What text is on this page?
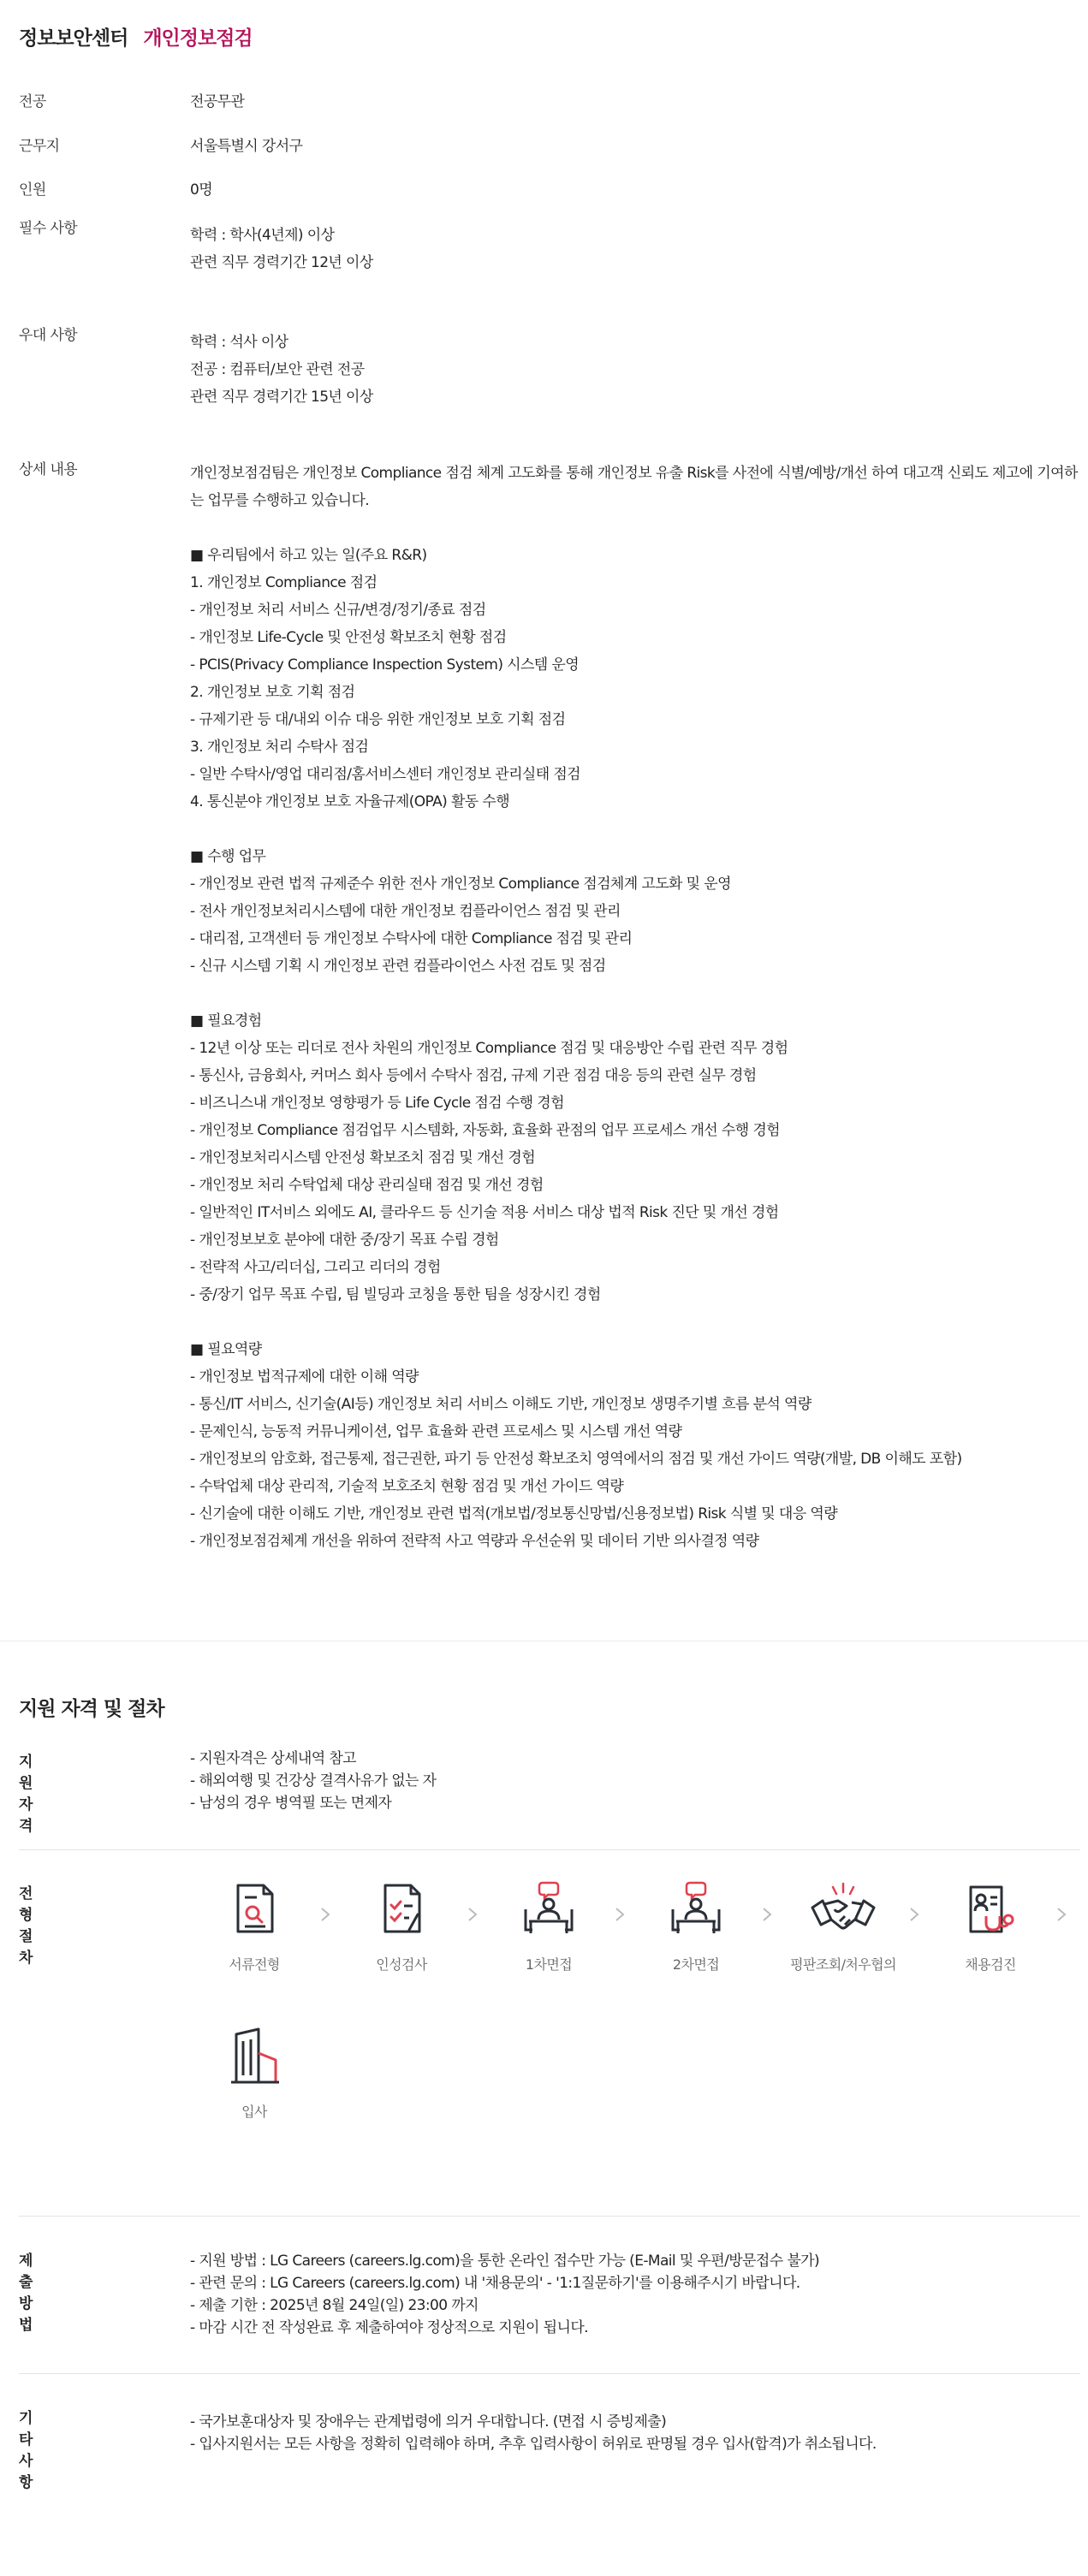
정보보안센터 개인정보점검
전공	전공무관
근무지	서울특별시 강서구
인원	0명
필수 사항	학력 : 학사(4년제) 이상
관련 직무 경력기간 12년 이상
우대 사항	학력 : 석사 이상
전공 : 컴퓨터/보안 관련 전공
관련 직무 경력기간 15년 이상
상세 내용	개인정보점검팀은 개인정보 Compliance 점검 체계 고도화를 통해 개인정보 유출 Risk를 사전에 식별/예방/개선 하여 대고객 신뢰도 제고에 기여하는 업무를 수행하고 있습니다.
■ 우리팀에서 하고 있는 일(주요 R&R)
1. 개인정보 Compliance 점검
- 개인정보 처리 서비스 신규/변경/정기/종료 점검
- 개인정보 Life-Cycle 및 안전성 확보조치 현황 점검
- PCIS(Privacy Compliance Inspection System) 시스템 운영
2. 개인정보 보호 기획 점검
- 규제기관 등 대/내외 이슈 대응 위한 개인정보 보호 기획 점검
3. 개인정보 처리 수탁사 점검
- 일반 수탁사/영업 대리점/홈서비스센터 개인정보 관리실태 점검
4. 통신분야 개인정보 보호 자율규제(OPA) 활동 수행
■ 수행 업무
- 개인정보 관련 법적 규제준수 위한 전사 개인정보 Compliance 점검체계 고도화 및 운영
- 전사 개인정보처리시스템에 대한 개인정보 컴플라이언스 점검 및 관리
- 대리점, 고객센터 등 개인정보 수탁사에 대한 Compliance 점검 및 관리
- 신규 시스템 기획 시 개인정보 관련 컴플라이언스 사전 검토 및 점검
■ 필요경험
- 12년 이상 또는 리더로 전사 차원의 개인정보 Compliance 점검 및 대응방안 수립 관련 직무 경험
- 통신사, 금융회사, 커머스 회사 등에서 수탁사 점검, 규제 기관 점검 대응 등의 관련 실무 경험
- 비즈니스내 개인정보 영향평가 등 Life Cycle 점검 수행 경험
- 개인정보 Compliance 점검업무 시스템화, 자동화, 효율화 관점의 업무 프로세스 개선 수행 경험
- 개인정보처리시스템 안전성 확보조치 점검 및 개선 경험
- 개인정보 처리 수탁업체 대상 관리실태 점검 및 개선 경험
- 일반적인 IT서비스 외에도 AI, 클라우드 등 신기술 적용 서비스 대상 법적 Risk 진단 및 개선 경험
- 개인정보보호 분야에 대한 중/장기 목표 수립 경험
- 전략적 사고/리더십, 그리고 리더의 경험
- 중/장기 업무 목표 수립, 팀 빌딩과 코칭을 통한 팀을 성장시킨 경험
■ 필요역량
- 개인정보 법적규제에 대한 이해 역량
- 통신/IT 서비스, 신기술(AI등) 개인정보 처리 서비스 이해도 기반, 개인정보 생명주기별 흐름 분석 역량
- 문제인식, 능동적 커뮤니케이션, 업무 효율화 관련 프로세스 및 시스템 개선 역량
- 개인정보의 암호화, 접근통제, 접근권한, 파기 등 안전성 확보조치 영역에서의 점검 및 개선 가이드 역량(개발, DB 이해도 포함)
- 수탁업체 대상 관리적, 기술적 보호조치 현황 점검 및 개선 가이드 역량
- 신기술에 대한 이해도 기반, 개인정보 관련 법적(개보법/정보통신망법/신용정보법) Risk 식별 및 대응 역량
- 개인정보점검체계 개선을 위하여 전략적 사고 역량과 우선순위 및 데이터 기반 의사결정 역량
지원 자격 및 절차
지원자격
- 지원자격은 상세내역 참고
- 해외여행 및 건강상 결격사유가 없는 자
- 남성의 경우 병역필 또는 면제자
전형절차	서류전형	인성검사	1차면접	2차면접	평판조회/처우협의	채용검진
입사
제출방법
- 지원 방법 : LG Careers (careers.lg.com)을 통한 온라인 접수만 가능 (E-Mail 및 우편/방문접수 불가)
- 관련 문의 : LG Careers (careers.lg.com) 내 '채용문의' - '1:1질문하기'를 이용해주시기 바랍니다.
- 제출 기한 : 2025년 8월 24일(일) 23:00 까지
- 마감 시간 전 작성완료 후 제출하여야 정상적으로 지원이 됩니다.
기타사항
- 국가보훈대상자 및 장애우는 관계법령에 의거 우대합니다. (면접 시 증빙제출)
- 입사지원서는 모든 사항을 정확히 입력해야 하며, 추후 입력사항이 허위로 판명될 경우 입사(합격)가 취소됩니다.
